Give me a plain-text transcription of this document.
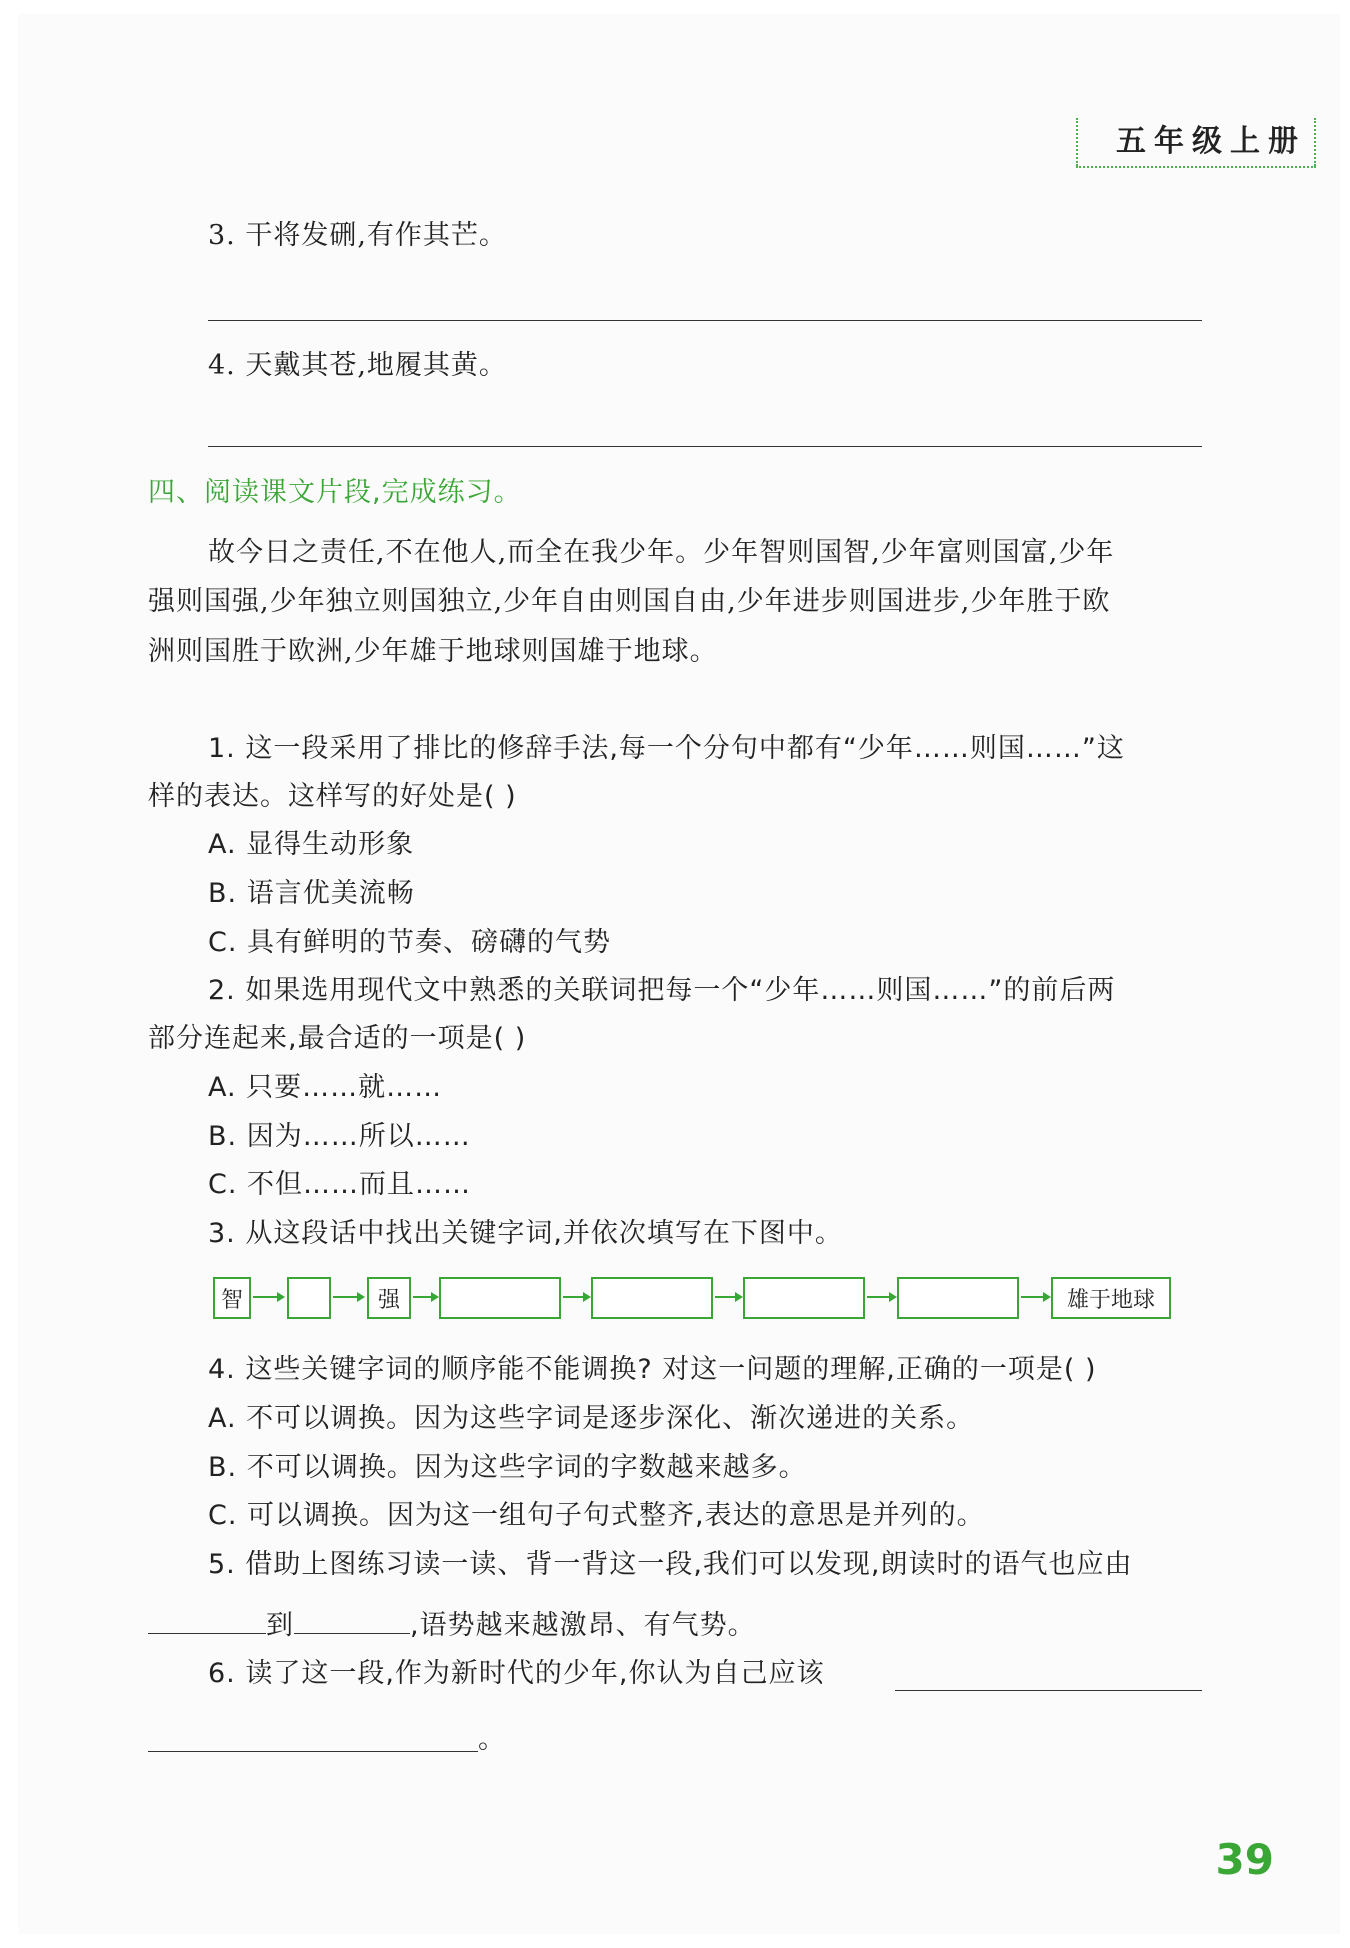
五年级上册
3. 干将发硎,有作其芒。
4. 天戴其苍,地履其黄。
四、阅读课文片段,完成练习。
故今日之责任,不在他人,而全在我少年。少年智则国智,少年富则国富,少年
强则国强,少年独立则国独立,少年自由则国自由,少年进步则国进步,少年胜于欧
洲则国胜于欧洲,少年雄于地球则国雄于地球。
1. 这一段采用了排比的修辞手法,每一个分句中都有“少年……则国……”这
样的表达。这样写的好处是( )
A. 显得生动形象
B. 语言优美流畅
C. 具有鲜明的节奏、磅礴的气势
2. 如果选用现代文中熟悉的关联词把每一个“少年……则国……”的前后两
部分连起来,最合适的一项是( )
A. 只要……就……
B. 因为……所以……
C. 不但……而且……
3. 从这段话中找出关键字词,并依次填写在下图中。
智	强	雄于地球
4. 这些关键字词的顺序能不能调换? 对这一问题的理解,正确的一项是( )
A. 不可以调换。因为这些字词是逐步深化、渐次递进的关系。
B. 不可以调换。因为这些字词的字数越来越多。
C. 可以调换。因为这一组句子句式整齐,表达的意思是并列的。
5. 借助上图练习读一读、背一背这一段,我们可以发现,朗读时的语气也应由
到	,语势越来越激昂、有气势。
6. 读了这一段,作为新时代的少年,你认为自己应该
。
39
